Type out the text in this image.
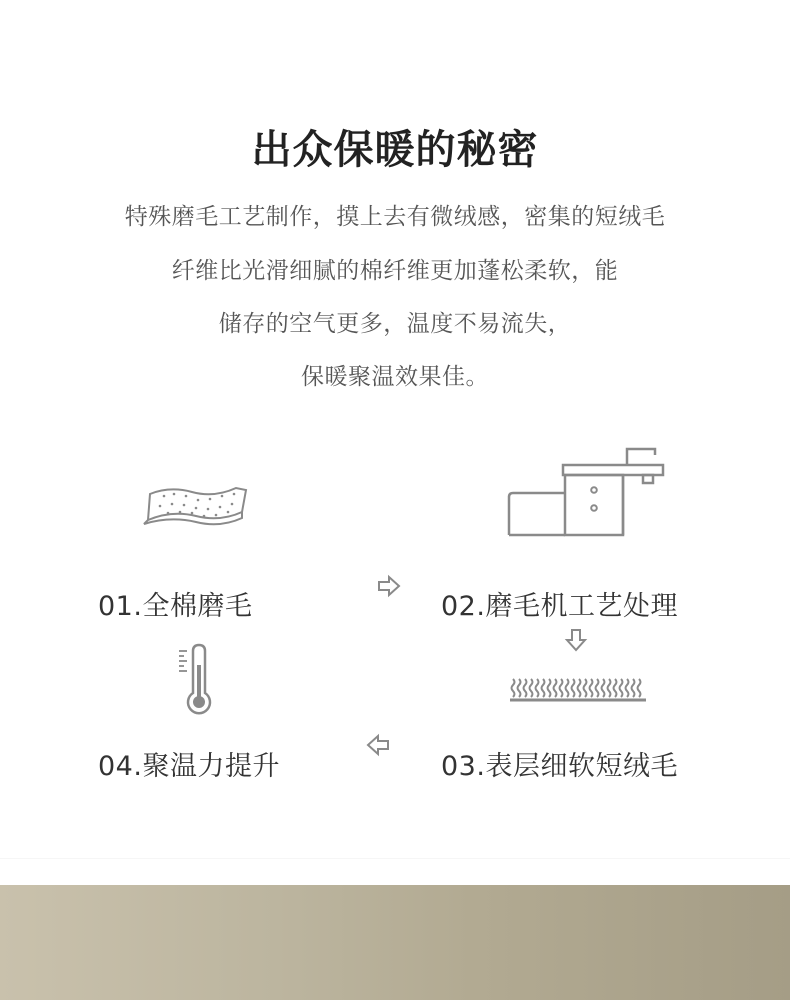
出众保暖的秘密
特殊磨毛工艺制作，摸上去有微绒感，密集的短绒毛
纤维比光滑细腻的棉纤维更加蓬松柔软，能
储存的空气更多，温度不易流失，
保暖聚温效果佳。
01.全棉磨毛	02.磨毛机工艺处理
04.聚温力提升	03.表层细软短绒毛
